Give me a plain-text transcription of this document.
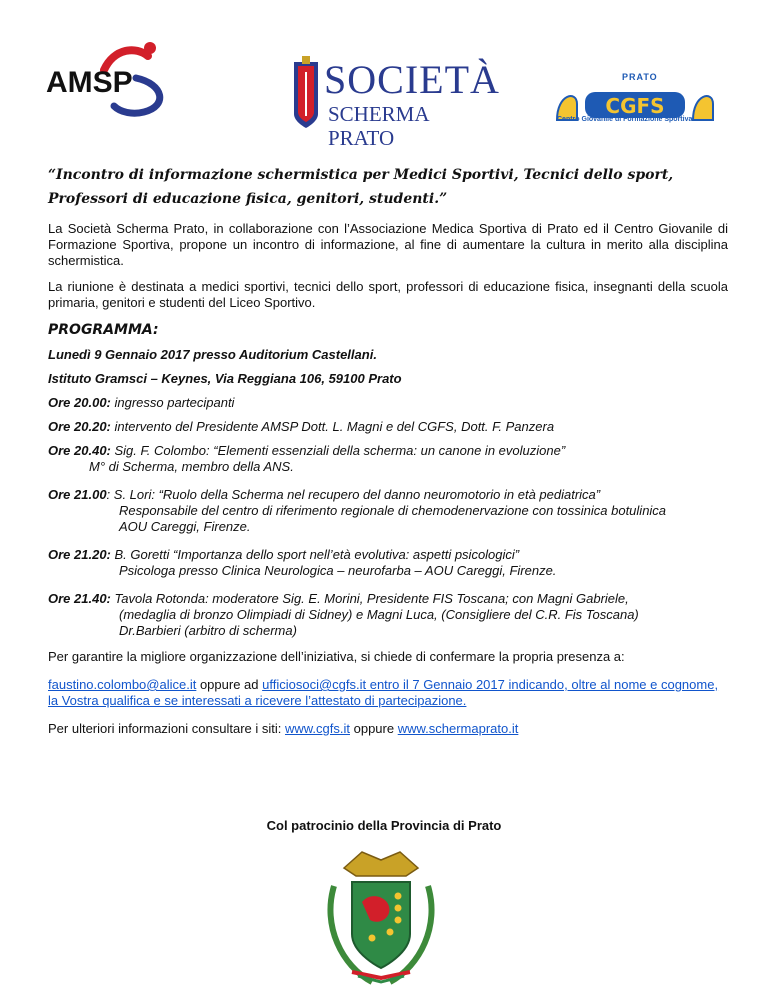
AMSP	SOCIETÀ
SCHERMA PRATO
PRATO
CGFS
Centro Giovanile di Formazione Sportiva
“Incontro di informazione schermistica per Medici Sportivi, Tecnici dello sport,
Professori di educazione fisica, genitori, studenti.”

La Società Scherma Prato, in collaborazione con l’Associazione Medica Sportiva di Prato ed il Centro Giovanile di Formazione Sportiva, propone un incontro di informazione, al fine di aumentare la cultura in merito alla disciplina schermistica.

La riunione è destinata a medici sportivi, tecnici dello sport, professori di educazione fisica, insegnanti della scuola primaria, genitori e studenti del Liceo Sportivo.

PROGRAMMA:

Lunedì 9 Gennaio 2017 presso Auditorium Castellani.

Istituto Gramsci – Keynes, Via Reggiana 106, 59100 Prato

Ore 20.00: ingresso partecipanti
Ore 20.20: intervento del Presidente AMSP Dott. L. Magni e del CGFS, Dott. F. Panzera
Ore 20.40: Sig. F. Colombo: “Elementi essenziali della scherma: un canone in evoluzione”
M° di Scherma, membro della ANS.
Ore 21.00: S. Lori: “Ruolo della Scherma nel recupero del danno neuromotorio in età pediatrica”
Responsabile del centro di riferimento regionale di chemodenervazione con tossinica botulinica
AOU Careggi, Firenze.
Ore 21.20: B. Goretti “Importanza dello sport nell’età evolutiva: aspetti psicologici”
Psicologa presso Clinica Neurologica – neurofarba – AOU Careggi, Firenze.
Ore 21.40: Tavola Rotonda: moderatore Sig. E. Morini, Presidente FIS Toscana; con Magni Gabriele,
(medaglia di bronzo Olimpiadi di Sidney) e Magni Luca, (Consigliere del C.R. Fis Toscana)
Dr.Barbieri (arbitro di scherma)

Per garantire la migliore organizzazione dell’iniziativa, si chiede di confermare la propria presenza a:

faustino.colombo@alice.it oppure ad ufficiosoci@cgfs.it entro il 7 Gennaio 2017 indicando, oltre al nome e cognome, la Vostra qualifica e se interessati a ricevere l’attestato di partecipazione.

Per ulteriori informazioni consultare i siti: www.cgfs.it oppure www.schermaprato.it

Col patrocinio della Provincia di Prato
